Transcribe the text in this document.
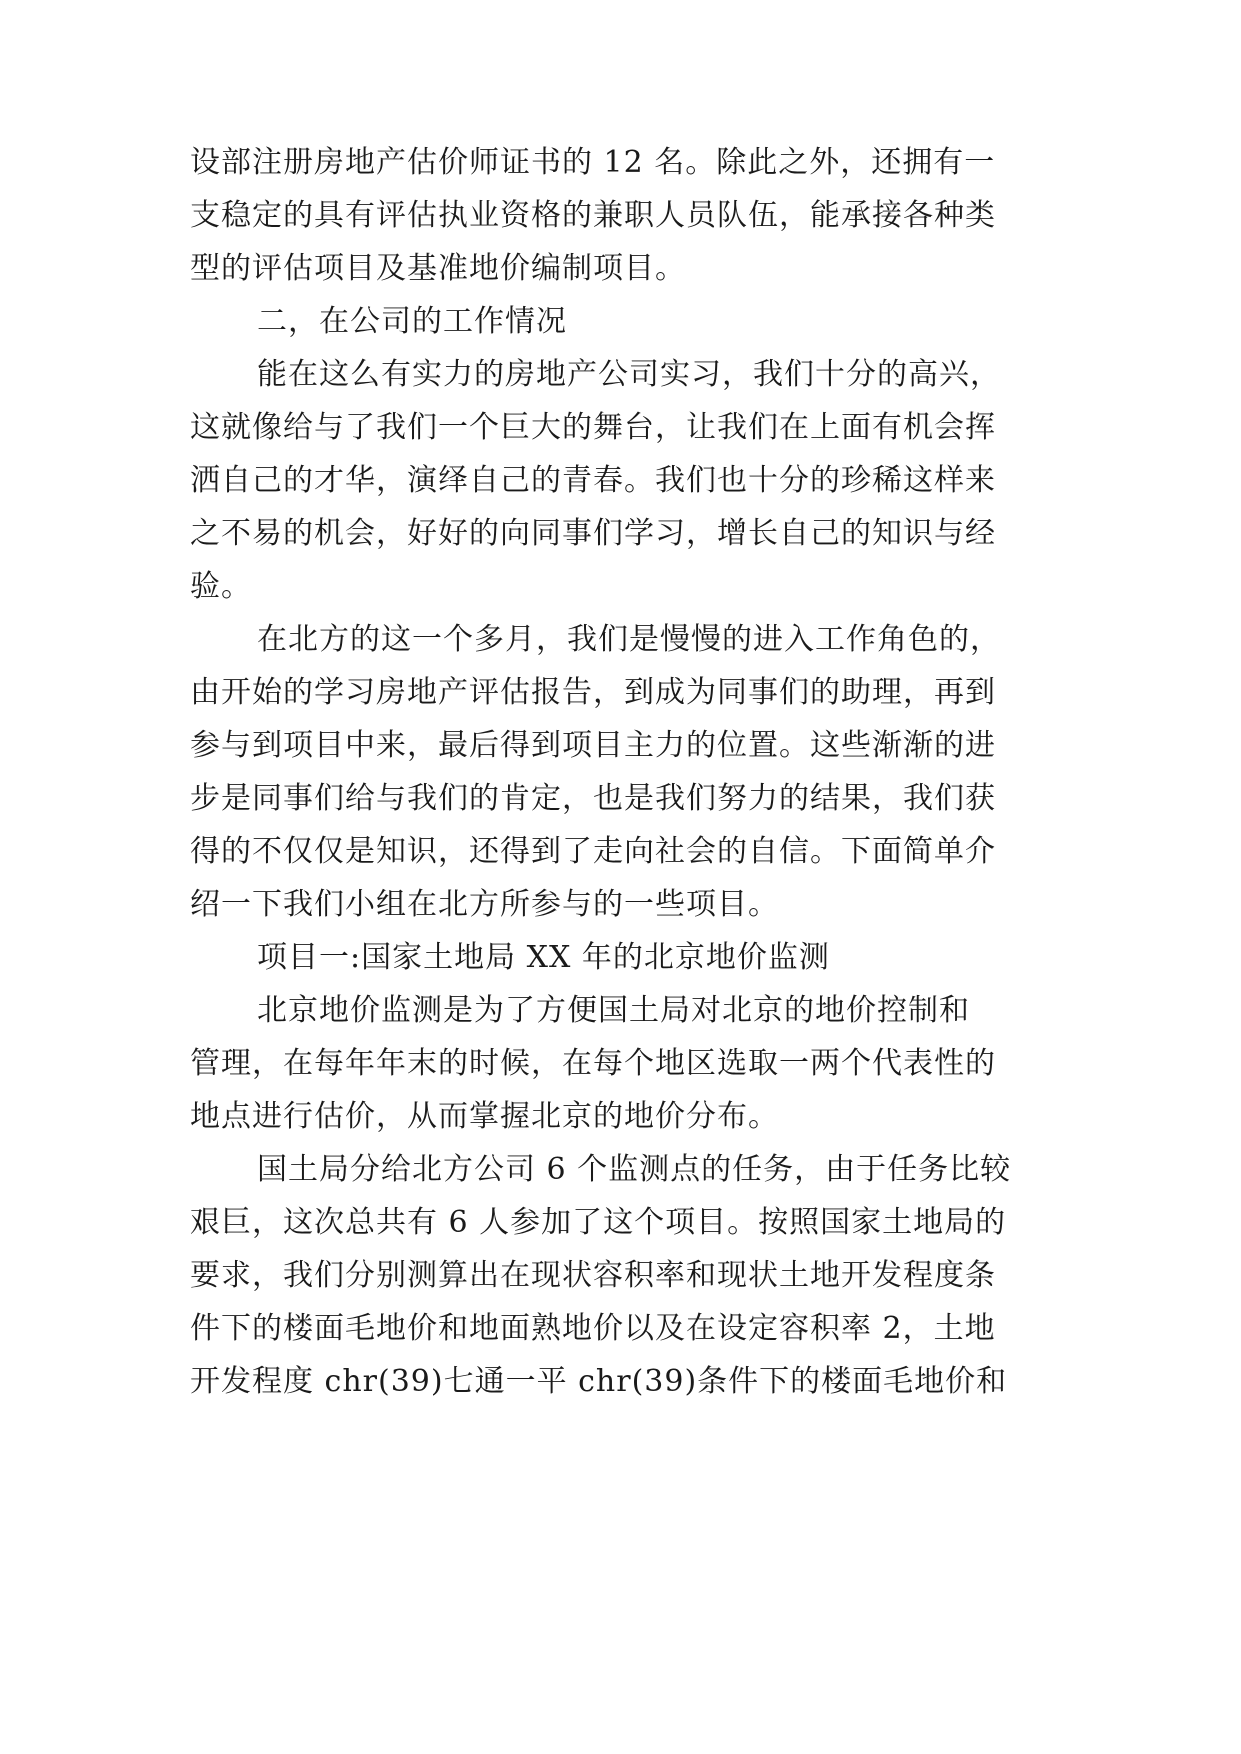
设部注册房地产估价师证书的 12 名。除此之外，还拥有一
支稳定的具有评估执业资格的兼职人员队伍，能承接各种类
型的评估项目及基准地价编制项目。
二，在公司的工作情况
能在这么有实力的房地产公司实习，我们十分的高兴，
这就像给与了我们一个巨大的舞台，让我们在上面有机会挥
洒自己的才华，演绎自己的青春。我们也十分的珍稀这样来
之不易的机会，好好的向同事们学习，增长自己的知识与经
验。
在北方的这一个多月，我们是慢慢的进入工作角色的，
由开始的学习房地产评估报告，到成为同事们的助理，再到
参与到项目中来，最后得到项目主力的位置。这些渐渐的进
步是同事们给与我们的肯定，也是我们努力的结果，我们获
得的不仅仅是知识，还得到了走向社会的自信。下面简单介
绍一下我们小组在北方所参与的一些项目。
项目一:国家土地局 XX 年的北京地价监测
北京地价监测是为了方便国土局对北京的地价控制和
管理，在每年年末的时候，在每个地区选取一两个代表性的
地点进行估价，从而掌握北京的地价分布。
国土局分给北方公司 6 个监测点的任务，由于任务比较
艰巨，这次总共有 6 人参加了这个项目。按照国家土地局的
要求，我们分别测算出在现状容积率和现状土地开发程度条
件下的楼面毛地价和地面熟地价以及在设定容积率 2，土地
开发程度 chr(39)七通一平 chr(39)条件下的楼面毛地价和
